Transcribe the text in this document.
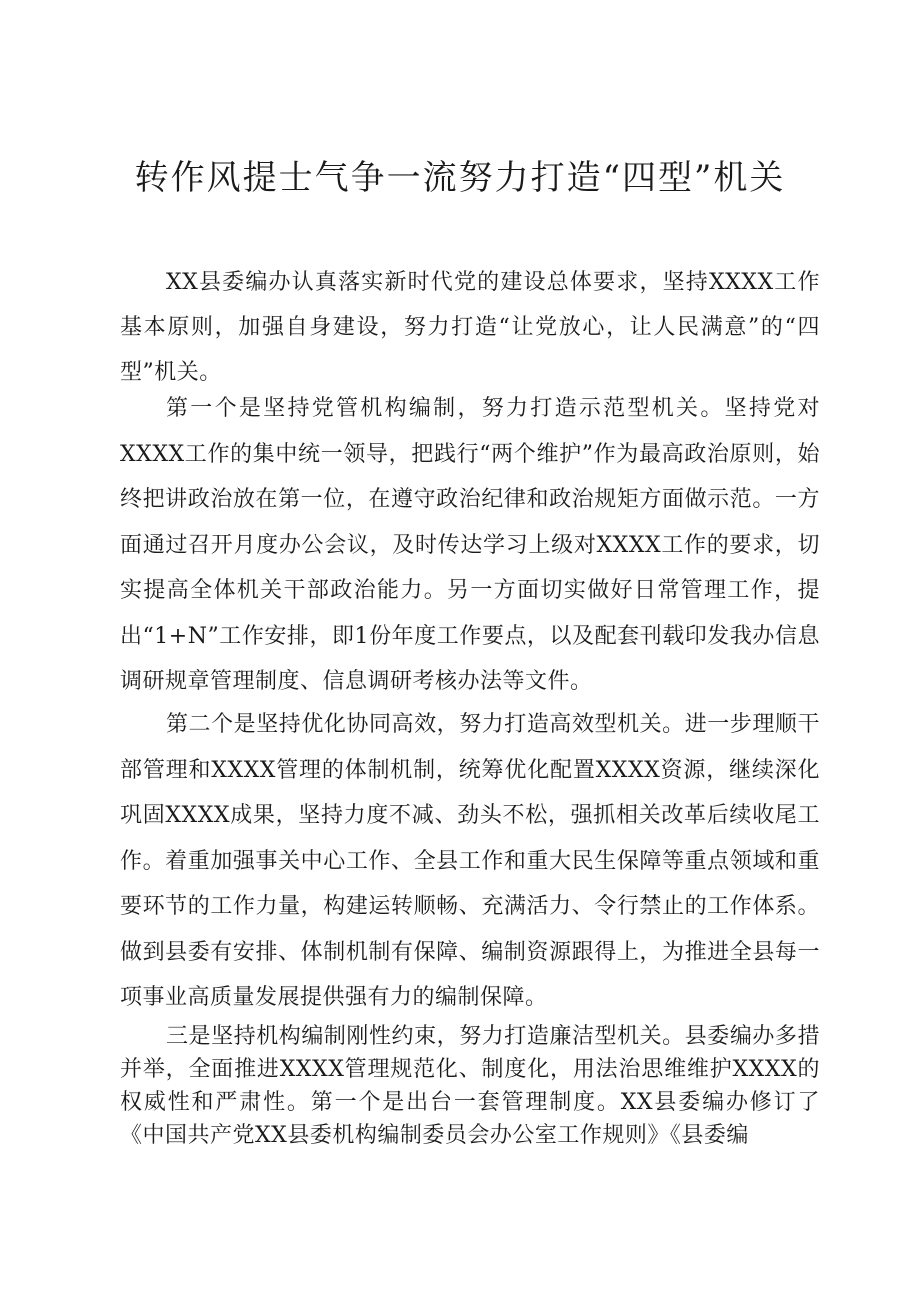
转作风提士气争一流努力打造“四型”机关

XX县委编办认真落实新时代党的建设总体要求，坚持XXXX工作基本原则，加强自身建设，努力打造“让党放心，让人民满意”的“四型”机关。

第一个是坚持党管机构编制，努力打造示范型机关。坚持党对XXXX工作的集中统一领导，把践行“两个维护”作为最高政治原则，始终把讲政治放在第一位，在遵守政治纪律和政治规矩方面做示范。一方面通过召开月度办公会议，及时传达学习上级对XXXX工作的要求，切实提高全体机关干部政治能力。另一方面切实做好日常管理工作，提出“1+N”工作安排，即1份年度工作要点，以及配套刊载印发我办信息调研规章管理制度、信息调研考核办法等文件。

第二个是坚持优化协同高效，努力打造高效型机关。进一步理顺干部管理和XXXX管理的体制机制，统筹优化配置XXXX资源，继续深化巩固XXXX成果，坚持力度不减、劲头不松，强抓相关改革后续收尾工作。着重加强事关中心工作、全县工作和重大民生保障等重点领域和重要环节的工作力量，构建运转顺畅、充满活力、令行禁止的工作体系。做到县委有安排、体制机制有保障、编制资源跟得上，为推进全县每一项事业高质量发展提供强有力的编制保障。

三是坚持机构编制刚性约束，努力打造廉洁型机关。县委编办多措并举，全面推进XXXX管理规范化、制度化，用法治思维维护XXXX的权威性和严肃性。第一个是出台一套管理制度。XX县委编办修订了《中国共产党XX县委机构编制委员会办公室工作规则》《县委编
